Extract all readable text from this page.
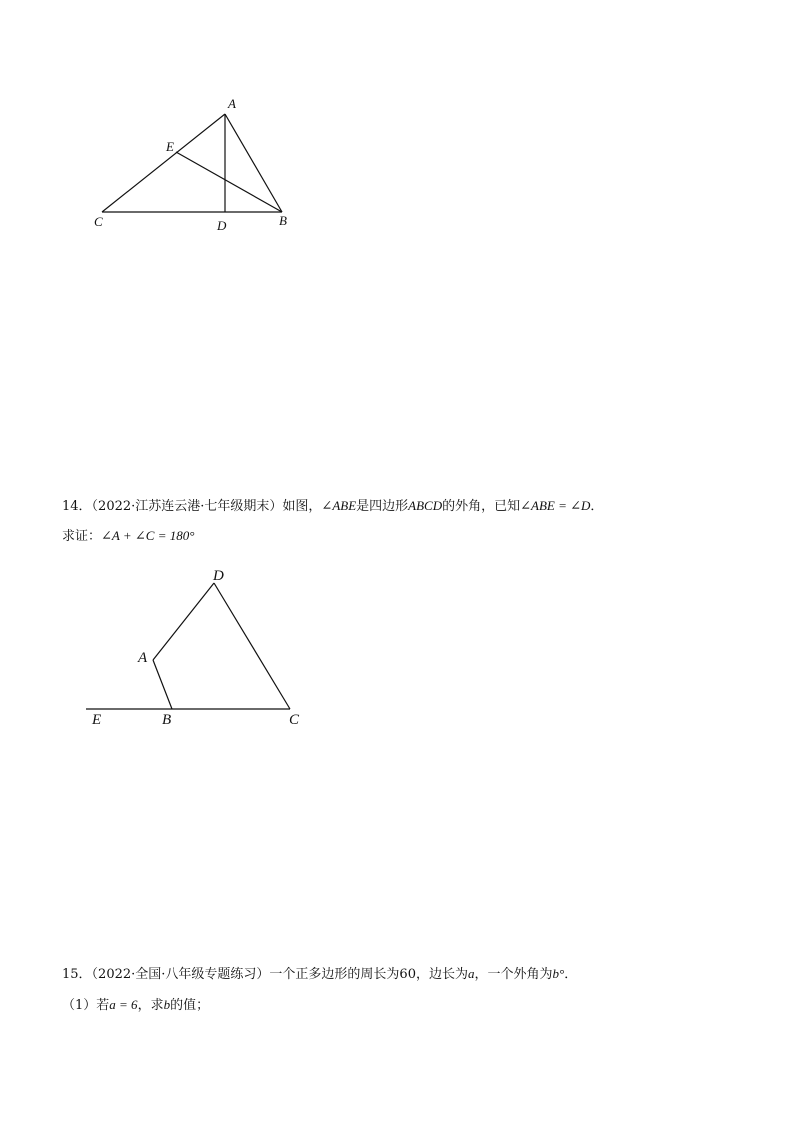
A
E
C	D	B
14．（2022·江苏连云港·七年级期末）如图，∠ABE是四边形ABCD的外角，已知∠ABE = ∠D．
求证：∠A + ∠C = 180°
D
A
E	B	C
15．（2022·全国·八年级专题练习）一个正多边形的周长为60，边长为a，一个外角为b°．
（1）若a = 6，求b的值；
